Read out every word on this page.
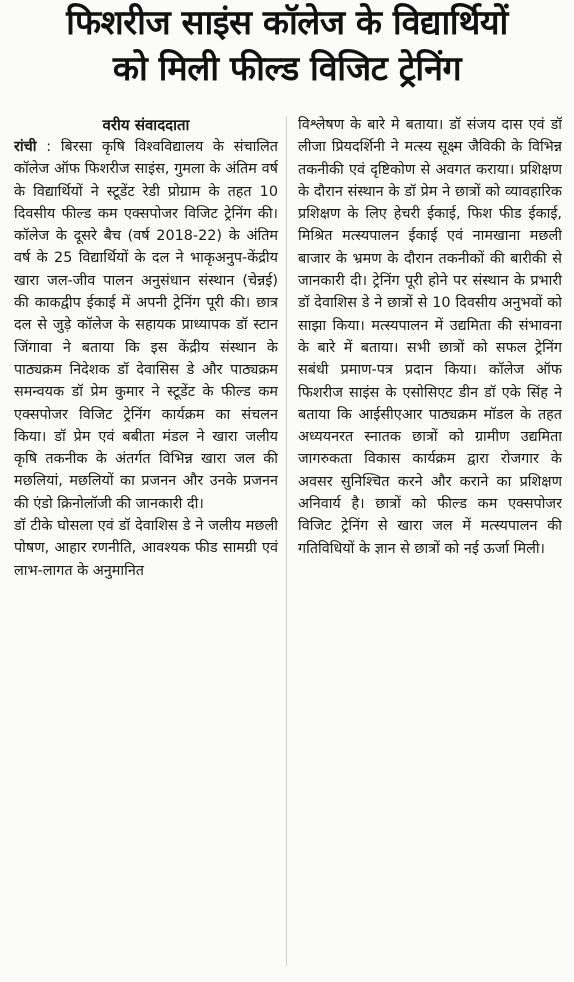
फिशरीज साइंस कॉलेज के विद्यार्थियों
को मिली फील्ड विजिट ट्रेनिंग
वरीय संवाददाता

रांची : बिरसा कृषि विश्वविद्यालय के संचालित कॉलेज ऑफ फिशरीज साइंस, गुमला के अंतिम वर्ष के विद्यार्थियों ने स्टूडेंट रेडी प्रोग्राम के तहत 10 दिवसीय फील्ड कम एक्सपोजर विजिट ट्रेनिंग की। कॉलेज के दूसरे बैच (वर्ष 2018-22) के अंतिम वर्ष के 25 विद्यार्थियों के दल ने भाकृअनुप-केंद्रीय खारा जल-जीव पालन अनुसंधान संस्थान (चेन्नई) की काकद्वीप ईकाई में अपनी ट्रेनिंग पूरी की। छात्र दल से जुड़े कॉलेज के सहायक प्राध्यापक डॉ स्टान जिंगावा ने बताया कि इस केंद्रीय संस्थान के पाठ्यक्रम निदेशक डॉ देवासिस डे और पाठ्यक्रम समन्वयक डॉ प्रेम कुमार ने स्टूडेंट के फील्ड कम एक्सपोजर विजिट ट्रेनिंग कार्यक्रम का संचलन किया। डॉ प्रेम एवं बबीता मंडल ने खारा जलीय कृषि तकनीक के अंतर्गत विभिन्न खारा जल की मछलियां, मछलियों का प्रजनन और उनके प्रजनन की एंडो क्रिनोलॉजी की जानकारी दी।

डॉ टीके घोसला एवं डॉ देवाशिस डे ने जलीय मछली पोषण, आहार रणनीति, आवश्यक फीड सामग्री एवं लाभ-लागत के अनुमानित

विश्लेषण के बारे मे बताया। डॉ संजय दास एवं डॉ लीजा प्रियदर्शिनी ने मत्स्य सूक्ष्म जैविकी के विभिन्न तकनीकी एवं दृष्टिकोण से अवगत कराया। प्रशिक्षण के दौरान संस्थान के डॉ प्रेम ने छात्रों को व्यावहारिक प्रशिक्षण के लिए हेचरी ईकाई, फिश फीड ईकाई, मिश्रित मत्स्यपालन ईकाई एवं नामखाना मछली बाजार के भ्रमण के दौरान तकनीकों की बारीकी से जानकारी दी। ट्रेनिंग पूरी होने पर संस्थान के प्रभारी डॉ देवाशिस डे ने छात्रों से 10 दिवसीय अनुभवों को साझा किया। मत्स्यपालन में उद्यमिता की संभावना के बारे में बताया। सभी छात्रों को सफल ट्रेनिंग सबंधी प्रमाण-पत्र प्रदान किया। कॉलेज ऑफ फिशरीज साइंस के एसोसिएट डीन डॉ एके सिंह ने बताया कि आईसीएआर पाठ्यक्रम मॉडल के तहत अध्ययनरत स्नातक छात्रों को ग्रामीण उद्यमिता जागरुकता विकास कार्यक्रम द्वारा रोजगार के अवसर सुनिश्चित करने और कराने का प्रशिक्षण अनिवार्य है। छात्रों को फील्ड कम एक्सपोजर विजिट ट्रेनिंग से खारा जल में मत्स्यपालन की गतिविधियों के ज्ञान से छात्रों को नई ऊर्जा मिली।
